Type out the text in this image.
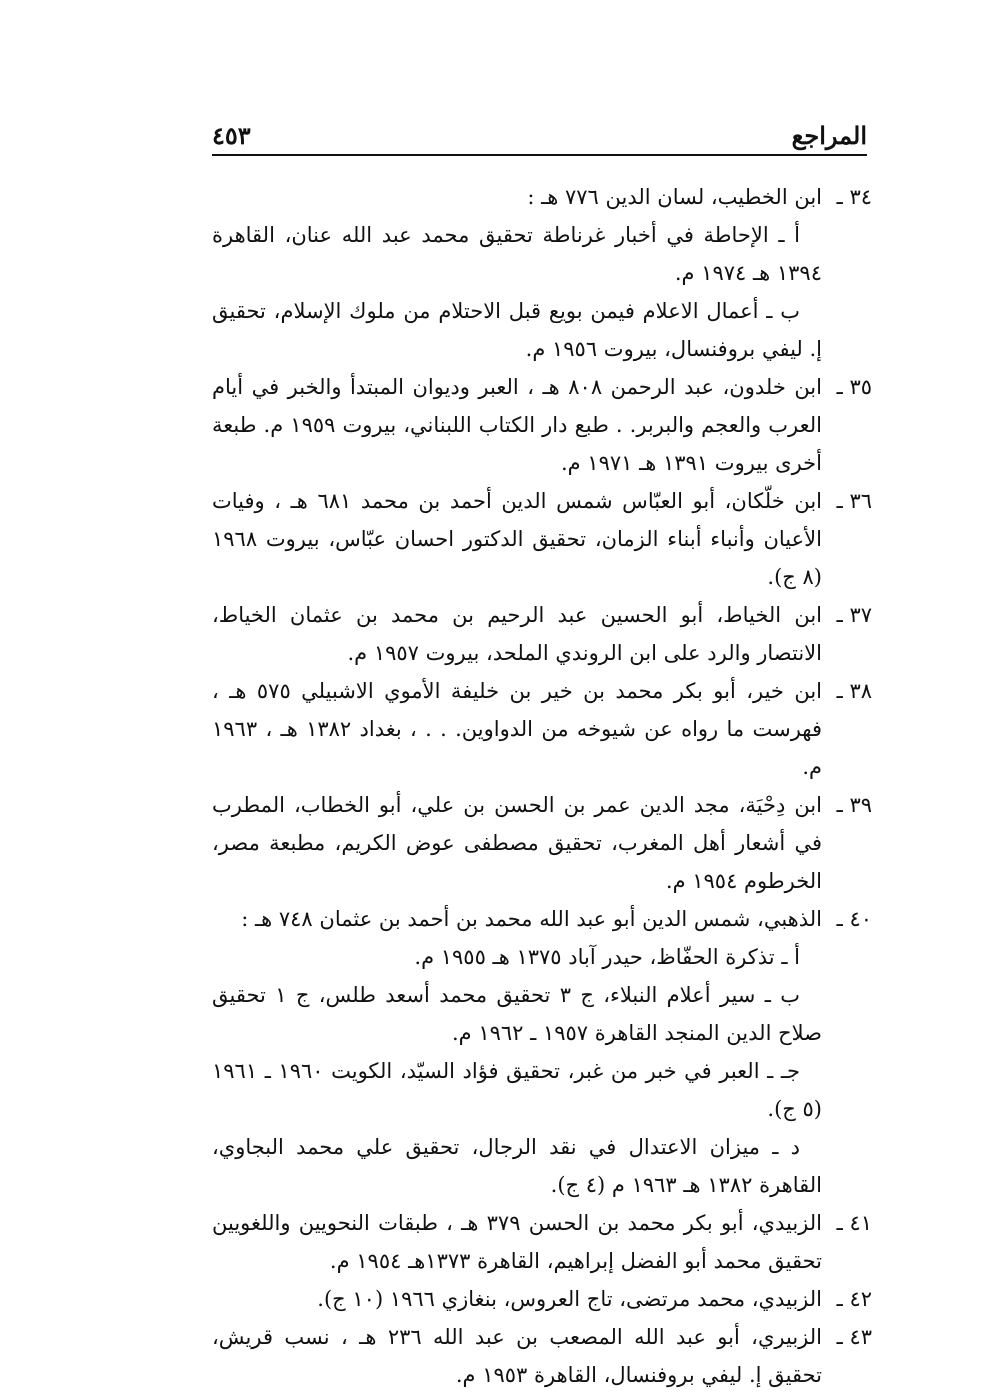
المراجع
٤٥٣
٣٤ ـ
ابن الخطيب، لسان الدين ٧٧٦ هـ :
أ ـ الإحاطة في أخبار غرناطة تحقيق محمد عبد الله عنان، القاهرة ١٣٩٤ هـ ١٩٧٤ م.
ب ـ أعمال الاعلام فيمن بويع قبل الاحتلام من ملوك الإسلام، تحقيق إ. ليفي بروفنسال، بيروت ١٩٥٦ م.
٣٥ ـ
ابن خلدون، عبد الرحمن ٨٠٨ هـ ، العبر وديوان المبتدأ والخبر في أيام العرب والعجم والبربر. . طبع دار الكتاب اللبناني، بيروت ١٩٥٩ م. طبعة أخرى بيروت ١٣٩١ هـ ١٩٧١ م.
٣٦ ـ
ابن خلّكان، أبو العبّاس شمس الدين أحمد بن محمد ٦٨١ هـ ، وفيات الأعيان وأنباء أبناء الزمان، تحقيق الدكتور احسان عبّاس، بيروت ١٩٦٨ (٨ ج).
٣٧ ـ
ابن الخياط، أبو الحسين عبد الرحيم بن محمد بن عثمان الخياط، الانتصار والرد على ابن الروندي الملحد، بيروت ١٩٥٧ م.
٣٨ ـ
ابن خير، أبو بكر محمد بن خير بن خليفة الأموي الاشبيلي ٥٧٥ هـ ، فهرست ما رواه عن شيوخه من الدواوين. . . ، بغداد ١٣٨٢ هـ ، ١٩٦٣ م.
٣٩ ـ
ابن دِحْيَة، مجد الدين عمر بن الحسن بن علي، أبو الخطاب، المطرب في أشعار أهل المغرب، تحقيق مصطفى عوض الكريم، مطبعة مصر، الخرطوم ١٩٥٤ م.
٤٠ ـ
الذهبي، شمس الدين أبو عبد الله محمد بن أحمد بن عثمان ٧٤٨ هـ :
أ ـ تذكرة الحفّاظ، حيدر آباد ١٣٧٥ هـ ١٩٥٥ م.
ب ـ سير أعلام النبلاء، ج ٣ تحقيق محمد أسعد طلس، ج ١ تحقيق صلاح الدين المنجد القاهرة ١٩٥٧ ـ ١٩٦٢ م.
جـ ـ العبر في خبر من غبر، تحقيق فؤاد السيّد، الكويت ١٩٦٠ ـ ١٩٦١ (٥ ج).
د ـ ميزان الاعتدال في نقد الرجال، تحقيق علي محمد البجاوي، القاهرة ١٣٨٢ هـ ١٩٦٣ م (٤ ج).
٤١ ـ
الزبيدي، أبو بكر محمد بن الحسن ٣٧٩ هـ ، طبقات النحويين واللغويين تحقيق محمد أبو الفضل إبراهيم، القاهرة ١٣٧٣هـ ١٩٥٤ م.
٤٢ ـ
الزبيدي، محمد مرتضى، تاج العروس، بنغازي ١٩٦٦ (١٠ ج).
٤٣ ـ
الزبيري، أبو عبد الله المصعب بن عبد الله ٢٣٦ هـ ، نسب قريش، تحقيق إ. ليفي بروفنسال، القاهرة ١٩٥٣ م.
